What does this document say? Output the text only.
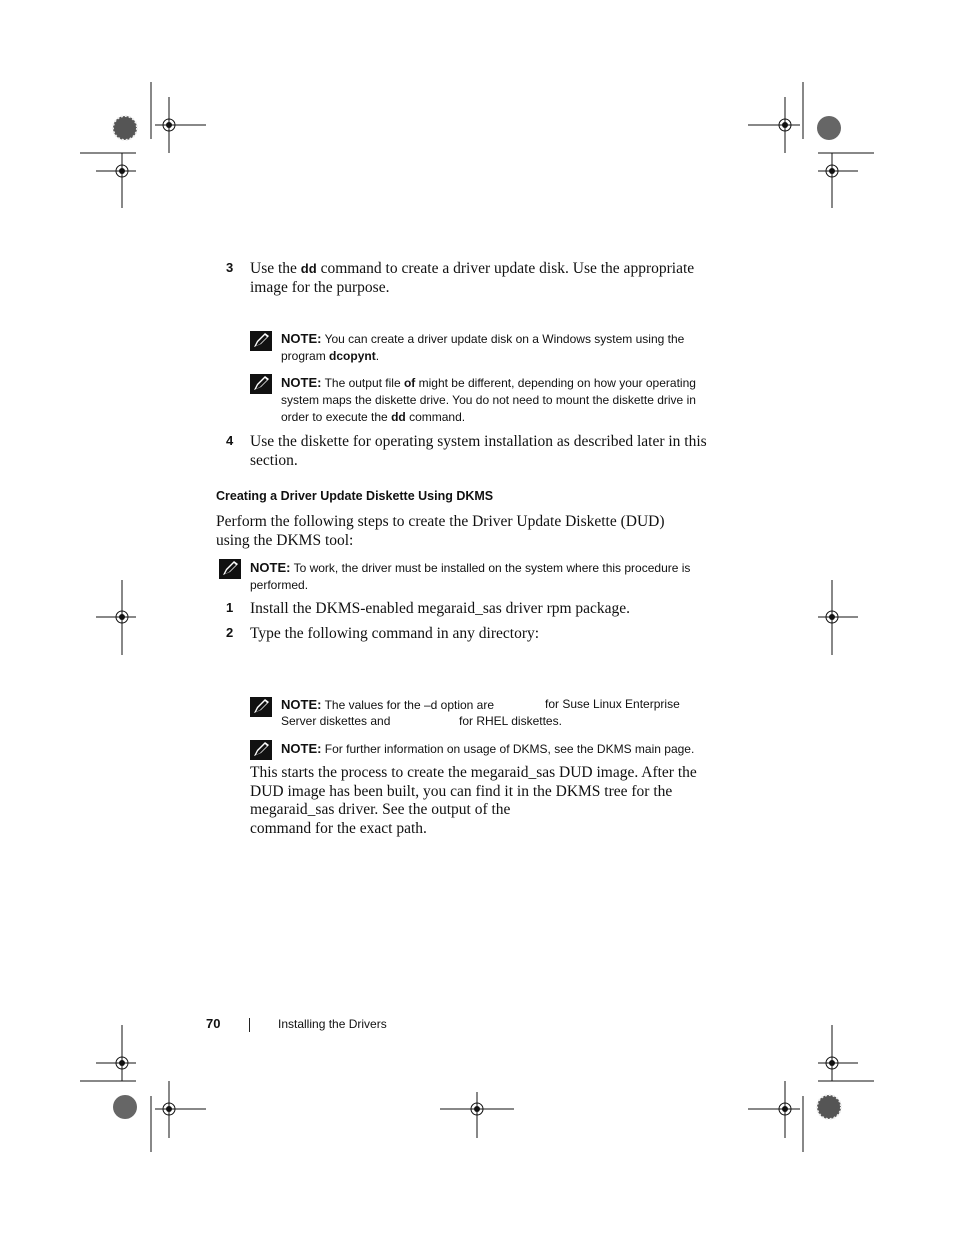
3 Use the dd command to create a driver update disk. Use the appropriate image for the purpose.
NOTE: You can create a driver update disk on a Windows system using the program dcopynt.
NOTE: The output file of might be different, depending on how your operating system maps the diskette drive. You do not need to mount the diskette drive in order to execute the dd command.
4 Use the diskette for operating system installation as described later in this section.
Creating a Driver Update Diskette Using DKMS
Perform the following steps to create the Driver Update Diskette (DUD) using the DKMS tool:
NOTE: To work, the driver must be installed on the system where this procedure is performed.
1 Install the DKMS-enabled megaraid_sas driver rpm package.
2 Type the following command in any directory:
NOTE: The values for the –d option are	for Suse Linux Enterprise
Server diskettes and	for RHEL diskettes.
NOTE: For further information on usage of DKMS, see the DKMS main page.
This starts the process to create the megaraid_sas DUD image. After the
DUD image has been built, you can find it in the DKMS tree for the
megaraid_sas driver. See the output of the
command for the exact path.
70	Installing the Drivers
